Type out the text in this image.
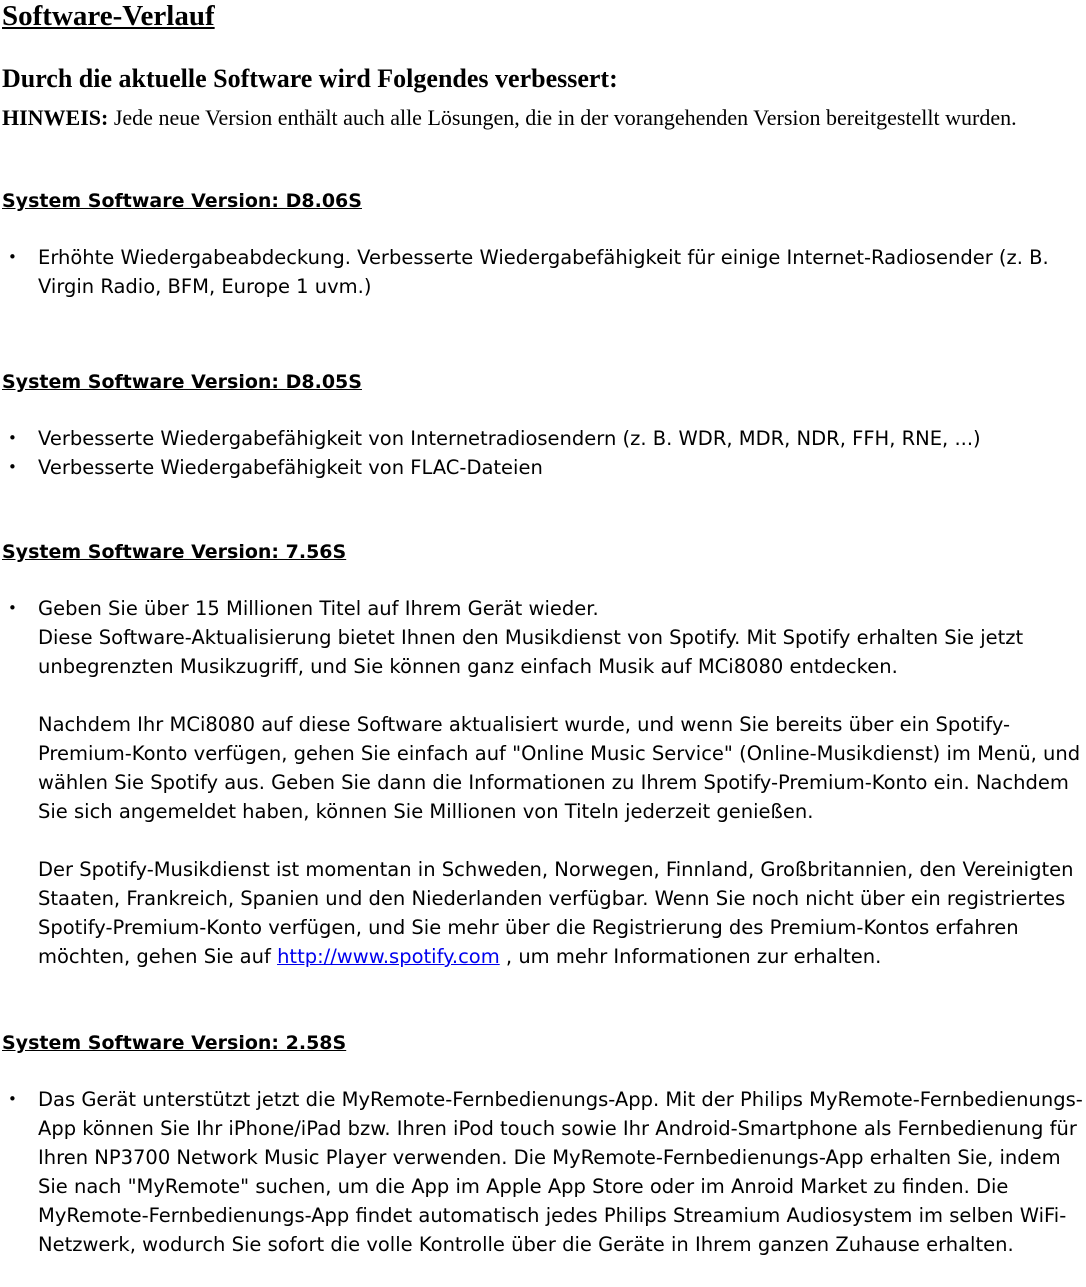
Software-Verlauf
Durch die aktuelle Software wird Folgendes verbessert:

HINWEIS: Jede neue Version enthält auch alle Lösungen, die in der vorangehenden Version bereitgestellt wurden.

System Software Version: D8.06S
• Erhöhte Wiedergabeabdeckung. Verbesserte Wiedergabefähigkeit für einige Internet-Radiosender (z. B. Virgin Radio, BFM, Europe 1 uvm.)
System Software Version: D8.05S
• Verbesserte Wiedergabefähigkeit von Internetradiosendern (z. B. WDR, MDR, NDR, FFH, RNE, ...)
• Verbesserte Wiedergabefähigkeit von FLAC-Dateien
System Software Version: 7.56S
• Geben Sie über 15 Millionen Titel auf Ihrem Gerät wieder.
Diese Software-Aktualisierung bietet Ihnen den Musikdienst von Spotify. Mit Spotify erhalten Sie jetzt unbegrenzten Musikzugriff, und Sie können ganz einfach Musik auf MCi8080 entdecken.
Nachdem Ihr MCi8080 auf diese Software aktualisiert wurde, und wenn Sie bereits über ein Spotify-Premium-Konto verfügen, gehen Sie einfach auf "Online Music Service" (Online-Musikdienst) im Menü, und wählen Sie Spotify aus. Geben Sie dann die Informationen zu Ihrem Spotify-Premium-Konto ein. Nachdem Sie sich angemeldet haben, können Sie Millionen von Titeln jederzeit genießen.
Der Spotify-Musikdienst ist momentan in Schweden, Norwegen, Finnland, Großbritannien, den Vereinigten Staaten, Frankreich, Spanien und den Niederlanden verfügbar. Wenn Sie noch nicht über ein registriertes Spotify-Premium-Konto verfügen, und Sie mehr über die Registrierung des Premium-Kontos erfahren möchten, gehen Sie auf http://www.spotify.com , um mehr Informationen zur erhalten.
System Software Version: 2.58S
• Das Gerät unterstützt jetzt die MyRemote-Fernbedienungs-App. Mit der Philips MyRemote-Fernbedienungs-App können Sie Ihr iPhone/iPad bzw. Ihren iPod touch sowie Ihr Android-Smartphone als Fernbedienung für Ihren NP3700 Network Music Player verwenden. Die MyRemote-Fernbedienungs-App erhalten Sie, indem Sie nach "MyRemote" suchen, um die App im Apple App Store oder im Anroid Market zu finden. Die MyRemote-Fernbedienungs-App findet automatisch jedes Philips Streamium Audiosystem im selben WiFi-Netzwerk, wodurch Sie sofort die volle Kontrolle über die Geräte in Ihrem ganzen Zuhause erhalten.
